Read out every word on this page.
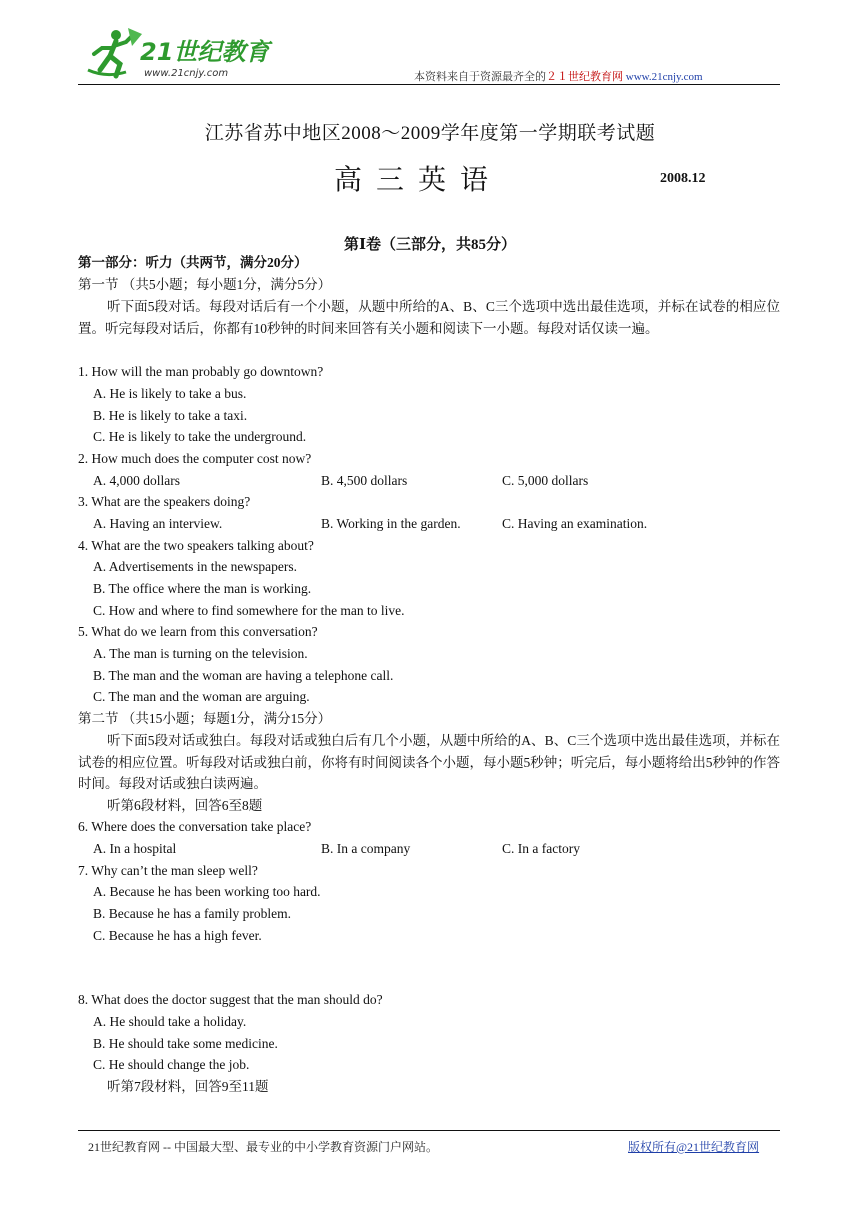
21世纪教育
www.21cnjy.com	本资料来自于资源最齐全的２１世纪教育网 www.21cnjy.com
江苏省苏中地区2008～2009学年度第一学期联考试题
高三英语	2008.12
第Ⅰ卷（三部分，共85分）
第一部分：听力（共两节，满分20分）
第一节 （共5小题；每小题1分，满分5分）
听下面5段对话。每段对话后有一个小题，从题中所给的A、B、C三个选项中选出最佳选项，并标在试卷的相应位置。听完每段对话后，你都有10秒钟的时间来回答有关小题和阅读下一小题。每段对话仅读一遍。
1. How will the man probably go downtown?
A. He is likely to take a bus.
B. He is likely to take a taxi.
C. He is likely to take the underground.
2. How much does the computer cost now?
A. 4,000 dollars	B. 4,500 dollars	C. 5,000 dollars
3. What are the speakers doing?
A. Having an interview.	B. Working in the garden.	C. Having an examination.
4. What are the two speakers talking about?
A. Advertisements in the newspapers.
B. The office where the man is working.
C. How and where to find somewhere for the man to live.
5. What do we learn from this conversation?
A. The man is turning on the television.
B. The man and the woman are having a telephone call.
C. The man and the woman are arguing.
第二节 （共15小题；每题1分，满分15分）
听下面5段对话或独白。每段对话或独白后有几个小题，从题中所给的A、B、C三个选项中选出最佳选项，并标在试卷的相应位置。听每段对话或独白前，你将有时间阅读各个小题，每小题5秒钟；听完后，每小题将给出5秒钟的作答时间。每段对话或独白读两遍。
听第6段材料，回答6至8题
6. Where does the conversation take place?
A. In a hospital	B. In a company	C. In a factory
7. Why can’t the man sleep well?
A. Because he has been working too hard.
B. Because he has a family problem.
C. Because he has a high fever.
8. What does the doctor suggest that the man should do?
A. He should take a holiday.
B. He should take some medicine.
C. He should change the job.
听第7段材料，回答9至11题
21世纪教育网 -- 中国最大型、最专业的中小学教育资源门户网站。	版权所有@21世纪教育网
